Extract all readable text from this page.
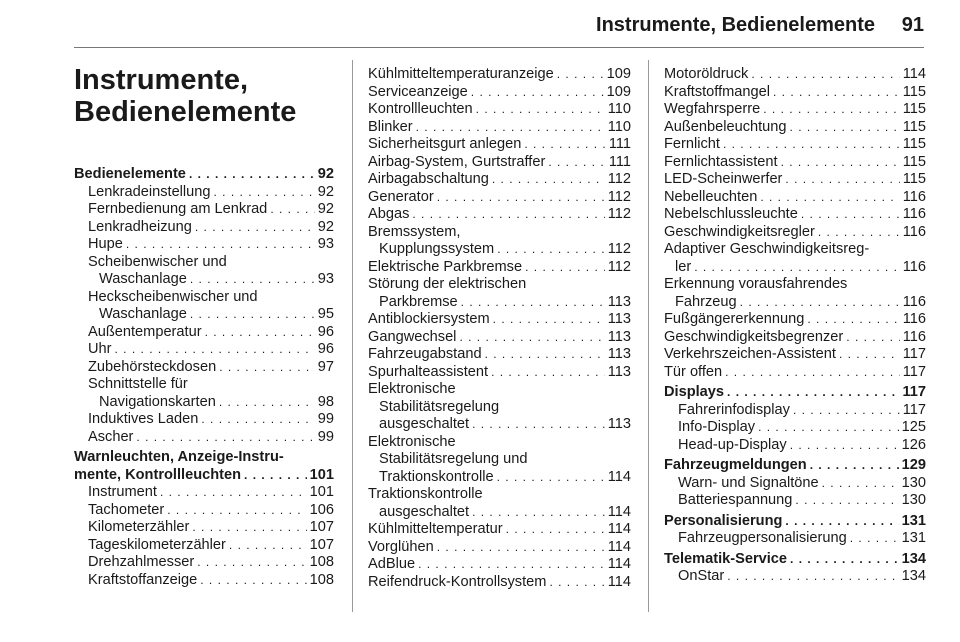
Instrumente, Bedienelemente 91
Instrumente,
Bedienelemente
Bedienelemente . . .	92
Lenkradeinstellung . . .	92
Fernbedienung am Lenkrad . . .	92
Lenkradheizung . . .	92
Hupe . . .	93
Scheibenwischer und
Waschanlage . . .	93
Heckscheibenwischer und
Waschanlage . . .	95
Außentemperatur . . .	96
Uhr . . .	96
Zubehörsteckdosen . . .	97
Schnittstelle für
Navigationskarten . . .	98
Induktives Laden . . .	99
Ascher . . .	99
Warnleuchten, Anzeige-Instru-
mente, Kontrollleuchten . . .	101
Instrument . . .	101
Tachometer . . .	106
Kilometerzähler . . .	107
Tageskilometerzähler . . .	107
Drehzahlmesser . . .	108
Kraftstoffanzeige . . .	108
Kühlmitteltemperaturanzeige . . .	109
Serviceanzeige . . .	109
Kontrollleuchten . . .	110
Blinker . . .	110
Sicherheitsgurt anlegen . . .	111
Airbag-System, Gurtstraffer . . .	111
Airbagabschaltung . . .	112
Generator . . .	112
Abgas . . .	112
Bremssystem,
Kupplungssystem . . .	112
Elektrische Parkbremse . . .	112
Störung der elektrischen
Parkbremse . . .	113
Antiblockiersystem . . .	113
Gangwechsel . . .	113
Fahrzeugabstand . . .	113
Spurhalteassistent . . .	113
Elektronische
Stabilitätsregelung
ausgeschaltet . . .	113
Elektronische
Stabilitätsregelung und
Traktionskontrolle . . .	114
Traktionskontrolle
ausgeschaltet . . .	114
Kühlmitteltemperatur . . .	114
Vorglühen . . .	114
AdBlue . . .	114
Reifendruck-Kontrollsystem . . .	114
Motoröldruck . . .	114
Kraftstoffmangel . . .	115
Wegfahrsperre . . .	115
Außenbeleuchtung . . .	115
Fernlicht . . .	115
Fernlichtassistent . . .	115
LED-Scheinwerfer . . .	115
Nebelleuchten . . .	116
Nebelschlussleuchte . . .	116
Geschwindigkeitsregler . . .	116
Adaptiver Geschwindigkeitsreg-
ler . . .	116
Erkennung vorausfahrendes
Fahrzeug . . .	116
Fußgängererkennung . . .	116
Geschwindigkeitsbegrenzer . . .	116
Verkehrszeichen-Assistent . . .	117
Tür offen . . .	117
Displays . . .	117
Fahrerinfodisplay . . .	117
Info-Display . . .	125
Head-up-Display . . .	126
Fahrzeugmeldungen . . .	129
Warn- und Signaltöne . . .	130
Batteriespannung . . .	130
Personalisierung . . .	131
Fahrzeugpersonalisierung . . .	131
Telematik-Service . . .	134
OnStar . . .	134
